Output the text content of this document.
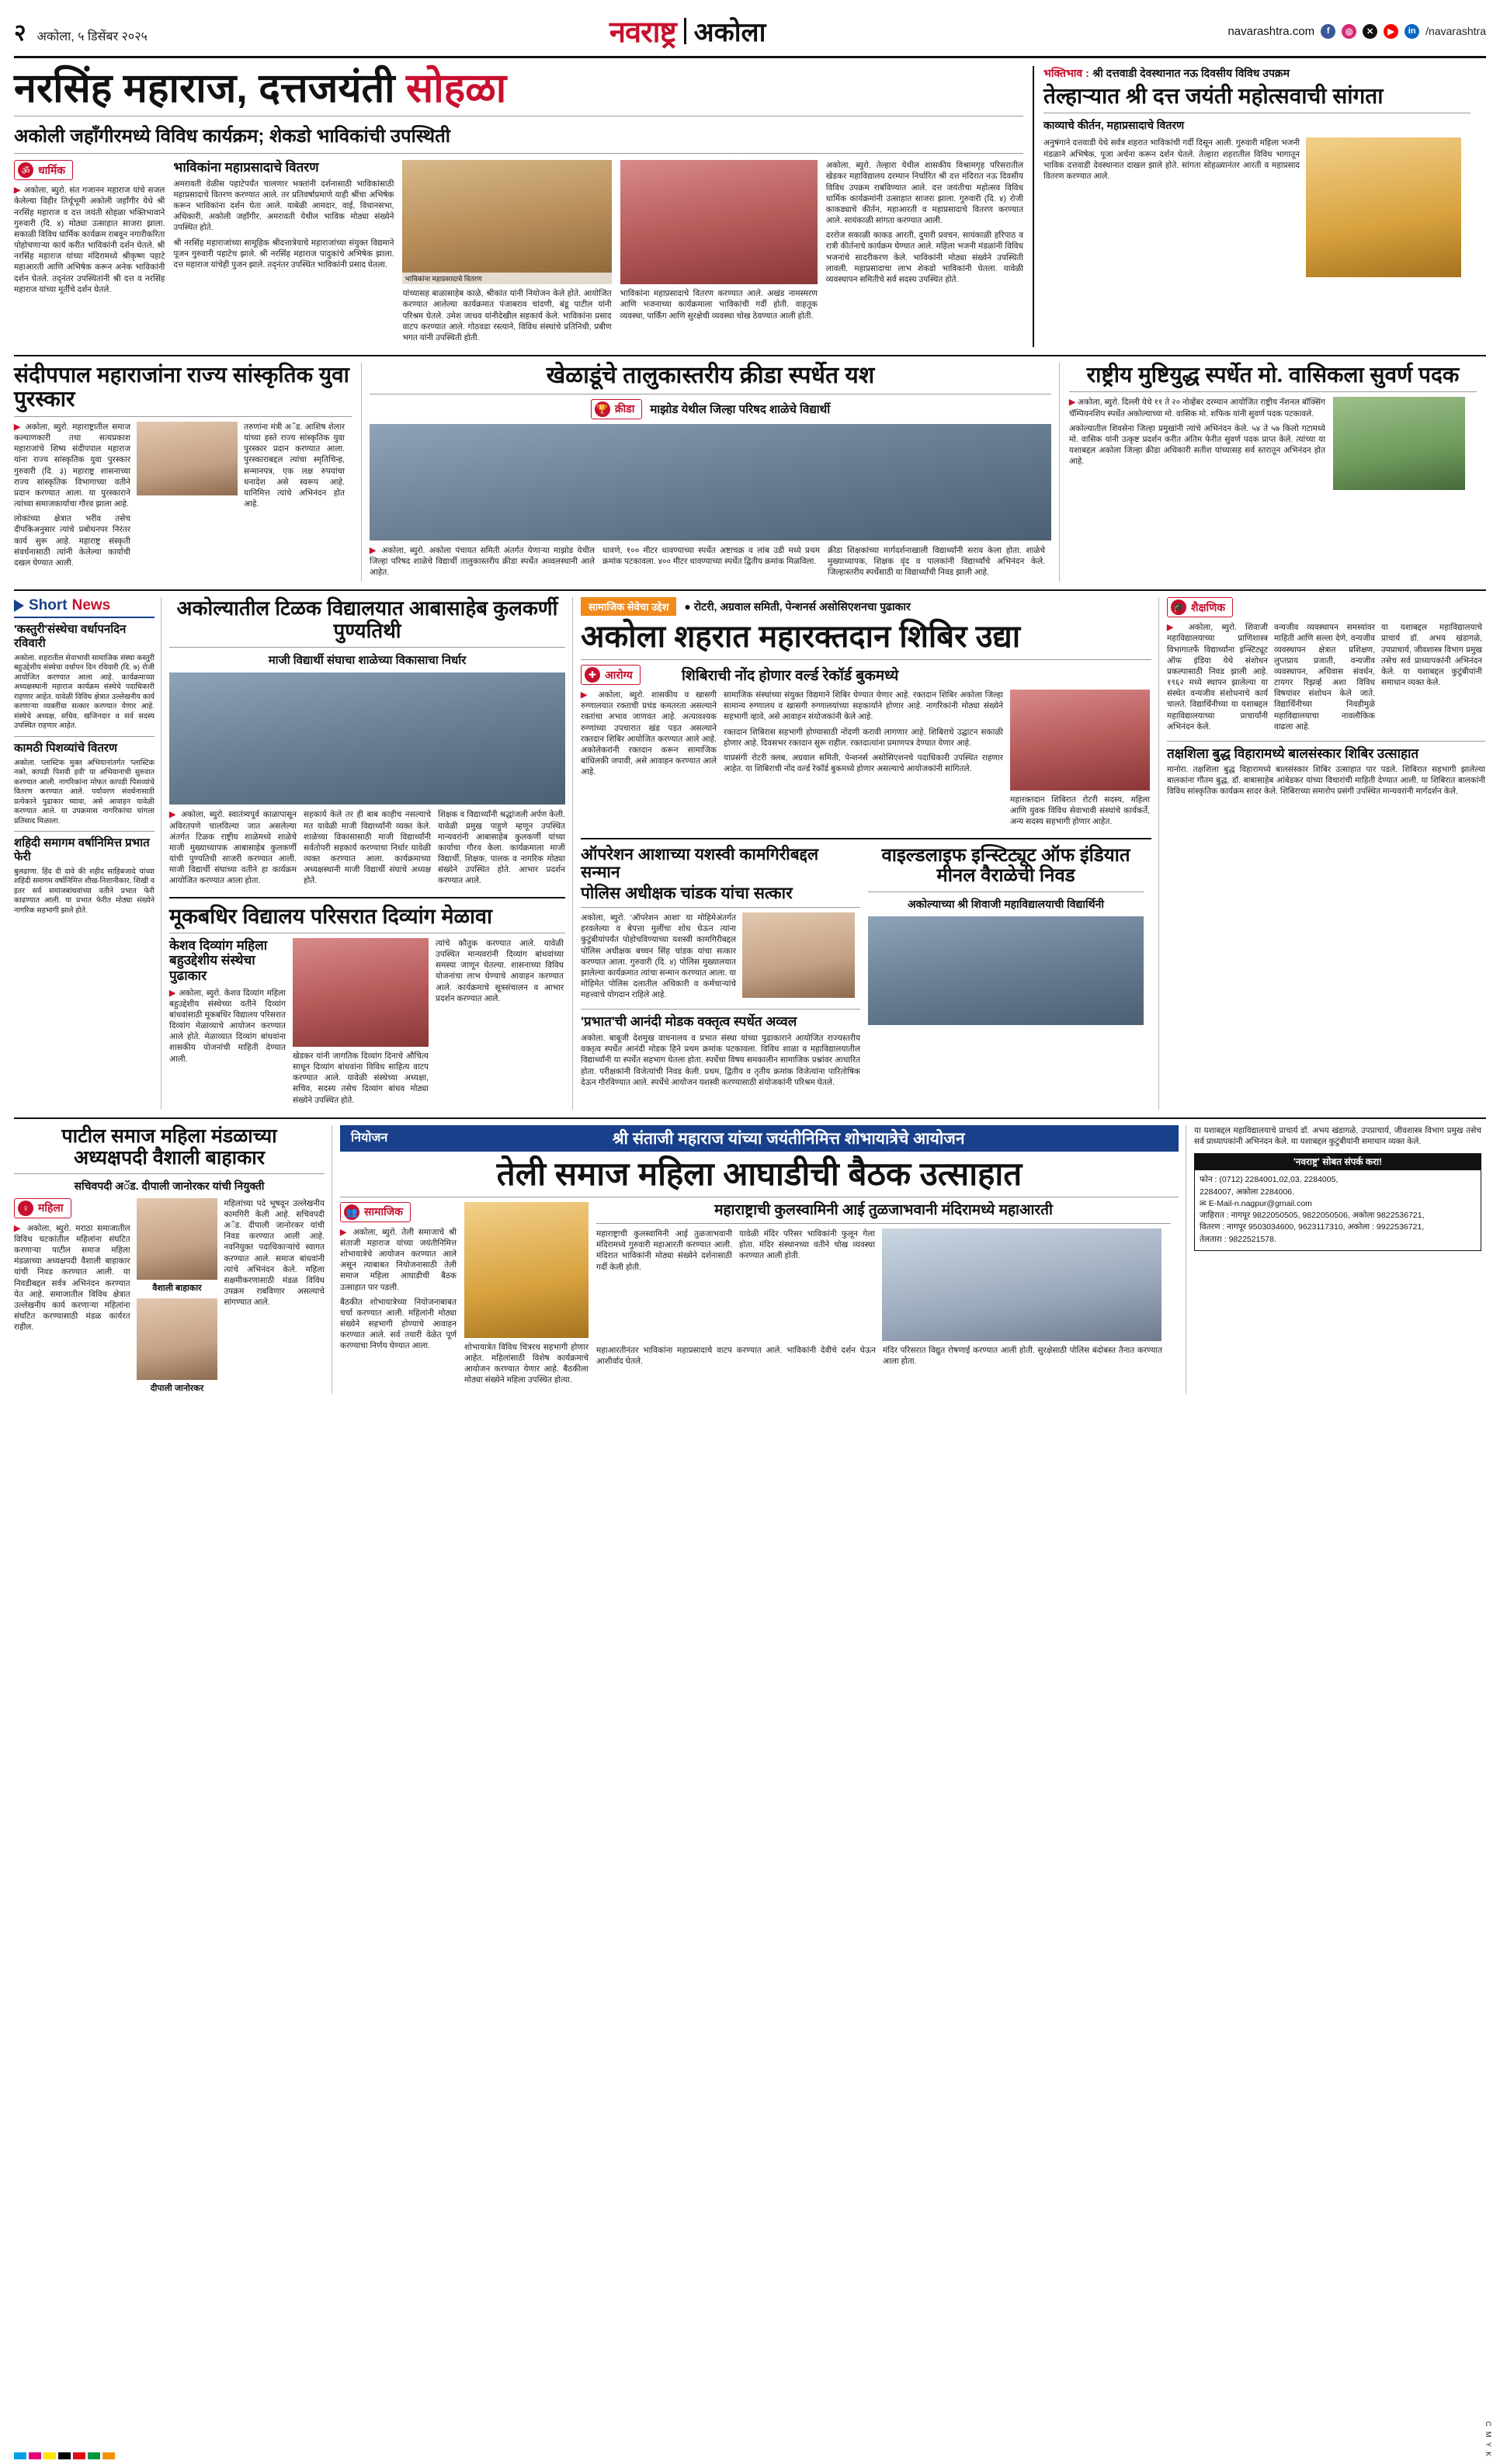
२ अकोला, ५ डिसेंबर २०२५	नवराष्ट्र अकोला	navarashtra.com	f	◎	✕	▶	in /navarashtra
नरसिंह महाराज, दत्तजयंती सोहळा
अकोली जहाँगीरमध्ये विविध कार्यक्रम; शेकडो भाविकांची उपस्थिती
ॐ धार्मिक

▶ अकोला, ब्युरो. संत गजानन महाराज यांचे सजल केलेल्या विहीर तिर्थूभूमी अकोली जहाँगीर येथे श्री नरसिंह महाराज व दत्त जयंती सोहळा भक्तिभावाने गुरुवारी (दि. ४) मोठ्या उत्साहात साजरा झाला. सकाळी विविध धार्मिक कार्यक्रम राबवून नगारीकरिता पोहोचणाऱ्या कार्य करीत भाविकांनी दर्शन घेतले. श्री नरसिंह महाराज यांच्या मंदिरामध्ये श्रीकृष्ण पहाटे महाआरती आणि अभिषेक करून अनेक भाविकांनी दर्शन घेतले. तद्नंतर उपस्थितांनी श्री दत्त व नरसिंह महाराज यांच्या मूर्तीचे दर्शन घेतले.

भाविकांना महाप्रसादाचे वितरण

अमरावती वेळीस पहाटेपर्यंत चालणार भक्तांनी दर्शनासाठी भाविकांसाठी महाप्रसादाचे वितरण करण्यात आले. तर प्रतिवर्षाप्रमाणे याही श्रींचा अभिषेक करून भाविकांना दर्शन घेता आले. याबेळी आमदार, वाई, विधानसभा, अधिकारी, अकोली जहाँगीर, अमरावती येथील भाविक मोठ्या संख्येने उपस्थित होते.

श्री नरसिंह महाराजांच्या सामूहिक श्रीदत्तात्रेयाचे महाराजांच्या संयुक्त विद्यमाने पूजन गुरुवारी पहाटेच झाले. श्री नरसिंह महाराज पादुकांचे अभिषेक झाला. दत्त महाराज यांचेही पुजन झाले. तद्नंतर उपस्थित भाविकांनी प्रसाद घेतला.

भाविकांना महाप्रसादाचे वितरण

यांच्यासह बाळासाहेब काळे, श्रीकांत यांनी नियोजन केले होते. आयोजित करण्यात आलेल्या कार्यक्रमात पंजाबराव चांदणी, बंडू पाटील यांनी परिश्रम घेतले. उमेश जाधव यांनीदेखील सहकार्य केले. भाविकांना प्रसाद वाटप करण्यात आले. गोठवडा रस्त्याने, विविध संस्थांचे प्रतिनिधी, प्रबीण भगत यांनी उपस्थिती होती.

भाविकांना महाप्रसादाचे वितरण करण्यात आले. अखंड नामस्मरण आणि भजनाच्या कार्यक्रमाला भाविकांची गर्दी होती. वाहतूक व्यवस्था, पार्किंग आणि सुरक्षेची व्यवस्था चोख ठेवण्यात आली होती.

अकोला, ब्युरो. तेल्हारा येथील शासकीय विश्रामगृह परिसरातील खेडकर महाविद्यालय दरम्यान निर्धारित श्री दत्त मंदिरात नऊ दिवसीय विविध उपक्रम राबविण्यात आले. दत्त जयंतीचा महोत्सव विविध धार्मिक कार्यक्रमांनी उत्साहात साजरा झाला. गुरुवारी (दि. ४) रोजी काकड्याचे कीर्तन, महाआरती व महाप्रसादाचे वितरण करण्यात आले. सायंकाळी सांगता करण्यात आली.

दररोज सकाळी काकड आरती, दुपारी प्रवचन, सायंकाळी हरिपाठ व रात्री कीर्तनाचे कार्यक्रम घेण्यात आले. महिला भजनी मंडळांनी विविध भजनांचे सादरीकरण केले. भाविकांनी मोठ्या संख्येने उपस्थिती लावली. महाप्रसादाचा लाभ शेकडो भाविकांनी घेतला. यावेळी व्यवस्थापन समितीचे सर्व सदस्य उपस्थित होते.

भक्तिभाव : श्री दत्तवाडी देवस्थानात नऊ दिवसीय विविध उपक्रम
तेल्हाऱ्यात श्री दत्त जयंती महोत्सवाची सांगता
काव्याचे कीर्तन, महाप्रसादाचे वितरण

अनुषंगाने दत्तवाडी येथे सर्वत्र शहरात भाविकांची गर्दी दिसून आली. गुरुवारी महिला भजनी मंडळाने अभिषेक, पूजा अर्चना करून दर्शन घेतले. तेल्हारा शहरातील विविध भागातून भाविक दत्तवाडी देवस्थानात दाखल झाले होते. सांगता सोहळ्यानंतर आरती व महाप्रसाद वितरण करण्यात आले.

संदीपपाल महाराजांना राज्य सांस्कृतिक युवा पुरस्कार

▶ अकोला, ब्युरो. महाराष्ट्रातील समाज कल्याणकारी तथा सत्यप्रकाश महाराजांचे शिष्य संदीपपाल महाराज यांना राज्य सांस्कृतिक युवा पुरस्कार गुरुवारी (दि. ३) महाराष्ट्र शासनाच्या राज्य सांस्कृतिक विभागाच्या वतीने प्रदान करण्यात आला. या पुरस्काराने त्यांच्या समाजकार्याचा गौरव झाला आहे.

लोकांच्या क्षेत्रात भरीव तसेच दीपकिअनुसार त्यांचे प्रबोधनपर निरंतर कार्य सुरू आहे. महाराष्ट्र संस्कृती संवर्धनासाठी त्यांनी केलेल्या कार्याची दखल घेण्यात आली.

तरुणांना मंत्री अॅड. आशिष शेलार यांच्या हस्ते राज्य सांस्कृतिक युवा पुरस्कार प्रदान करण्यात आला. पुरस्काराबद्दल त्यांचा स्मृतिचिन्ह, सन्मानपत्र, एक लक्ष रुपयांचा धनादेश असे स्वरूप आहे. यानिमित्त त्यांचे अभिनंदन होत आहे.

खेळाडूंचे तालुकास्तरीय क्रीडा स्पर्धेत यश
🏆 क्रीडा माझोड येथील जिल्हा परिषद शाळेचे विद्यार्थी

▶ अकोला, ब्युरो. अकोला पंचायत समिती अंतर्गत येणाऱ्या माझोड येथील जिल्हा परिषद शाळेचे विद्यार्थी तालुकास्तरीय क्रीडा स्पर्धेत अव्वलस्थानी आले आहेत.

धावणे, १०० मीटर धावण्याच्या स्पर्धेत अष्टाचक्र व लांब उडी मध्ये प्रथम क्रमांक पटकावला. ४०० मीटर धावण्याच्या स्पर्धेत द्वितीय क्रमांक मिळविला.

क्रीडा शिक्षकांच्या मार्गदर्शनाखाली विद्यार्थ्यांनी सराव केला होता. शाळेचे मुख्याध्यापक, शिक्षक वृंद व पालकांनी विद्यार्थ्यांचे अभिनंदन केले. जिल्हास्तरीय स्पर्धेसाठी या विद्यार्थ्यांची निवड झाली आहे.

राष्ट्रीय मुष्टियुद्ध स्पर्धेत मो. वासिकला सुवर्ण पदक

▶ अकोला, ब्युरो. दिल्ली येथे ११ ते २० नोव्हेंबर दरम्यान आयोजित राष्ट्रीय नॅशनल बॉक्सिंग चॅम्पियनशिप स्पर्धेत अकोल्याच्या मो. वासिक मो. शफिक यांनी सुवर्ण पदक पटकावले.

अकोल्यातील शिवसेना जिल्हा प्रमुखांनी त्यांचे अभिनंदन केले. ५४ ते ५७ किलो गटामध्ये मो. वासिक यांनी उत्कृष्ट प्रदर्शन करीत अंतिम फेरीत सुवर्ण पदक प्राप्त केले. त्यांच्या या यशाबद्दल अकोला जिल्हा क्रीडा अधिकारी सतीश यांच्यासह सर्व स्तरातून अभिनंदन होत आहे.

Short News
'कस्तुरी'संस्थेचा वर्धापनदिन रविवारी
अकोला. शहरातील सेवाभावी सामाजिक संस्था कस्तुरी बहुउद्देशीय संस्थेचा वर्धापन दिन रविवारी (दि. ७) रोजी आयोजित करण्यात आला आहे. कार्यक्रमाच्या अध्यक्षस्थानी महाराज कार्यक्रम संस्थेचे पदाधिकारी राहणार आहेत. यावेळी विविध क्षेत्रात उल्लेखनीय कार्य करणाऱ्या व्यक्तींचा सत्कार करण्यात येणार आहे. संस्थेचे अध्यक्ष, सचिव, खजिनदार व सर्व सदस्य उपस्थित राहणार आहेत.
कामठी पिशव्यांचे वितरण
अकोला. प्लास्टिक मुक्त अभियानांतर्गत 'प्लास्टिक नको, कापडी पिशवी हवी' या अभियानाची सुरुवात करण्यात आली. नागरिकांना मोफत कापडी पिशव्यांचे वितरण करण्यात आले. पर्यावरण संवर्धनासाठी प्रत्येकाने पुढाकार घ्यावा, असे आवाहन यावेळी करण्यात आले. या उपक्रमास नागरिकांचा चांगला प्रतिसाद मिळाला.
शहिदी समागम वर्षानिमित्त प्रभात फेरी
बुलढाणा. हिंद दी दावे की शहीद साहिबजादे यांच्या शहिदी समागम वर्षानिमित्त शीख-निशानीकार, शिखी व इतर सर्व समाजबांधवांच्या वतीने प्रभात फेरी काढण्यात आली. या प्रभात फेरीत मोठ्या संख्येने नागरिक सहभागी झाले होते.
अकोल्यातील टिळक विद्यालयात आबासाहेब कुलकर्णी पुण्यतिथी
माजी विद्यार्थी संघाचा शाळेच्या विकासाचा निर्धार

▶ अकोला, ब्युरो. स्वातंत्र्यपूर्व काळापासून अविरतपणे चालविल्या जात असलेल्या अंतर्गत टिळक राष्ट्रीय शाळेमध्ये शाळेचे माजी मुख्याध्यापक आबासाहेब कुलकर्णी यांची पुण्यतिथी साजरी करण्यात आली. माजी विद्यार्थी संघाच्या वतीने हा कार्यक्रम आयोजित करण्यात आला होता.

सहकार्य केले तर ही बाब काहीच नसल्याचे मत यावेळी माजी विद्यार्थ्यांनी व्यक्त केले. शाळेच्या विकासासाठी माजी विद्यार्थ्यांनी सर्वतोपरी सहकार्य करण्याचा निर्धार यावेळी व्यक्त करण्यात आला. कार्यक्रमाच्या अध्यक्षस्थानी माजी विद्यार्थी संघाचे अध्यक्ष होते.

शिक्षक व विद्यार्थ्यांनी श्रद्धांजली अर्पण केली. यावेळी प्रमुख पाहुणे म्हणून उपस्थित मान्यवरांनी आबासाहेब कुलकर्णी यांच्या कार्याचा गौरव केला. कार्यक्रमाला माजी विद्यार्थी, शिक्षक, पालक व नागरिक मोठ्या संख्येने उपस्थित होते. आभार प्रदर्शन करण्यात आले.

मूकबधिर विद्यालय परिसरात दिव्यांग मेळावा
केशव दिव्यांग महिला बहुउद्देशीय संस्थेचा पुढाकार

▶ अकोला, ब्युरो. केशव दिव्यांग महिला बहुउद्देशीय संस्थेच्या वतीने दिव्यांग बांधवांसाठी मूकबधिर विद्यालय परिसरात दिव्यांग मेळाव्याचे आयोजन करण्यात आले होते. मेळाव्यात दिव्यांग बांधवांना शासकीय योजनांची माहिती देण्यात आली.	खेडकर यांनी जागतिक दिव्यांग दिनाचे औचित्य साधून दिव्यांग बांधवांना विविध साहित्य वाटप करण्यात आले. यावेळी संस्थेच्या अध्यक्षा, सचिव, सदस्य तसेच दिव्यांग बांधव मोठ्या संख्येने उपस्थित होते.

त्यांचे कौतुक करण्यात आले. यावेळी उपस्थित मान्यवरांनी दिव्यांग बांधवांच्या समस्या जाणून घेतल्या. शासनाच्या विविध योजनांचा लाभ घेण्याचे आवाहन करण्यात आले. कार्यक्रमाचे सूत्रसंचालन व आभार प्रदर्शन करण्यात आले.

सामाजिक सेवेचा उद्देश	● रोटरी, अग्रवाल समिती, पेन्शनर्स असोसिएशनचा पुढाकार
अकोला शहरात महारक्तदान शिबिर उद्या
✚ आरोग्य	शिबिराची नोंद होणार वर्ल्ड रेकॉर्ड बुकमध्ये

▶ अकोला, ब्युरो. शासकीय व खासगी रुग्णालयात रक्ताची प्रचंड कमतरता असल्याने रक्तांचा अभाव जाणवत आहे. अत्यावश्यक रुग्णांच्या उपचारात खंड पडत असल्याने रक्तदान शिबिर आयोजित करण्यात आले आहे. अकोलेकरांनी रक्तदान करून सामाजिक बांधिलकी जपावी, असे आवाहन करण्यात आले आहे.

सामाजिक संस्थांच्या संयुक्त विद्यमाने शिबिर घेण्यात येणार आहे. रक्तदान शिबिर अकोला जिल्हा सामान्य रुग्णालय व खासगी रुग्णालयांच्या सहकार्याने होणार आहे. नागरिकांनी मोठ्या संख्येने सहभागी व्हावे, असे आवाहन संयोजकांनी केले आहे.

रक्तदान शिबिरास सहभागी होण्यासाठी नोंदणी करावी लागणार आहे. शिबिराचे उद्घाटन सकाळी होणार आहे. दिवसभर रक्तदान सुरू राहील. रक्तदात्यांना प्रमाणपत्र देण्यात येणार आहे.

याप्रसंगी रोटरी क्लब, अग्रवाल समिती, पेन्शनर्स असोसिएशनचे पदाधिकारी उपस्थित राहणार आहेत. या शिबिराची नोंद वर्ल्ड रेकॉर्ड बुकमध्ये होणार असल्याचे आयोजकांनी सांगितले.

महारक्तदान शिबिरात रोटरी सदस्य, महिला आणि युवक विविध सेवाभावी संस्थांचे कार्यकर्ते, अन्य सदस्य सहभागी होणार आहेत.

ऑपरेशन आशाच्या यशस्वी कामगिरीबद्दल सन्मान
पोलिस अधीक्षक चांडक यांचा सत्कार

अकोला, ब्युरो. 'ऑपरेशन आशा' या मोहिमेअंतर्गत हरवलेल्या व बेपत्ता मुलींचा शोध घेऊन त्यांना कुटुंबीयांपर्यंत पोहोचविण्याच्या यशस्वी कामगिरीबद्दल पोलिस अधीक्षक बच्चन सिंह चांडक यांचा सत्कार करण्यात आला. गुरुवारी (दि. ४) पोलिस मुख्यालयात झालेल्या कार्यक्रमात त्यांचा सन्मान करण्यात आला. या मोहिमेत पोलिस दलातील अधिकारी व कर्मचाऱ्यांचे महत्त्वाचे योगदान राहिले आहे.

'प्रभात'ची आनंदी मोडक वक्तृत्व स्पर्धेत अव्वल

अकोला. बाबूजी देशमुख वाचनालय व प्रभात संस्था यांच्या पुढाकाराने आयोजित राज्यस्तरीय वक्तृत्व स्पर्धेत आनंदी मोडक हिने प्रथम क्रमांक पटकावला. विविध शाळा व महाविद्यालयातील विद्यार्थ्यांनी या स्पर्धेत सहभाग घेतला होता. स्पर्धेचा विषय समकालीन सामाजिक प्रश्नांवर आधारित होता. परीक्षकांनी विजेत्यांची निवड केली. प्रथम, द्वितीय व तृतीय क्रमांक विजेत्यांना पारितोषिक देऊन गौरविण्यात आले. स्पर्धेचे आयोजन यशस्वी करण्यासाठी संयोजकांनी परिश्रम घेतले.

वाइल्डलाइफ इन्स्टिट्यूट ऑफ इंडियात मीनल वैराळेची निवड
अकोल्याच्या श्री शिवाजी महाविद्यालयाची विद्यार्थिनी
🎓 शैक्षणिक

▶ अकोला, ब्युरो. शिवाजी महाविद्यालयाच्या प्राणिशास्त्र विभागातर्फे विद्यार्थ्यांना इन्स्टिट्यूट ऑफ इंडिया येथे संशोधन प्रकल्पासाठी निवड झाली आहे. १९६२ मध्ये स्थापन झालेल्या या संस्थेत वन्यजीव संशोधनाचे कार्य चालते. विद्यार्थिनीच्या या यशाबद्दल महाविद्यालयाच्या प्राचार्यांनी अभिनंदन केले.

वन्यजीव व्यवस्थापन समस्यांवर माहिती आणि सल्ला देणे, वन्यजीव व्यवस्थापन क्षेत्रात प्रशिक्षण, लुप्तप्राय प्रजाती, वन्यजीव व्यवस्थापन, अधिवास संवर्धन, टायगर रिझर्व्ह अशा विविध विषयांवर संशोधन केले जाते. विद्यार्थिनीच्या निवडीमुळे महाविद्यालयाचा नावलौकिक वाढला आहे.

या यशाबद्दल महाविद्यालयाचे प्राचार्य डॉ. अभय खंडागळे, उपप्राचार्य, जीवशास्त्र विभाग प्रमुख तसेच सर्व प्राध्यापकांनी अभिनंदन केले. या यशाबद्दल कुटुंबीयांनी समाधान व्यक्त केले.

तक्षशिला बुद्ध विहारामध्ये बालसंस्कार शिबिर उत्साहात

मानोरा. तक्षशिला बुद्ध विहारामध्ये बालसंस्कार शिबिर उत्साहात पार पडले. शिबिरात सहभागी झालेल्या बालकांना गौतम बुद्ध, डॉ. बाबासाहेब आंबेडकर यांच्या विचारांची माहिती देण्यात आली. या शिबिरात बालकांनी विविध सांस्कृतिक कार्यक्रम सादर केले. शिबिराच्या समारोप प्रसंगी उपस्थित मान्यवरांनी मार्गदर्शन केले.

पाटील समाज महिला मंडळाच्या
अध्यक्षपदी वैशाली बाहाकार
सचिवपदी अॅड. दीपाली जानोरकर यांची नियुक्ती
♀ महिला

▶ अकोला, ब्युरो. मराठा समाजातील विविध घटकांतील महिलांना संघटित करणाऱ्या पाटील समाज महिला मंडळाच्या अध्यक्षपदी वैशाली बाहाकार यांची निवड करण्यात आली. या निवडीबद्दल सर्वत्र अभिनंदन करण्यात येत आहे. समाजातील विविध क्षेत्रात उल्लेखनीय कार्य करणाऱ्या महिलांना संघटित करण्यासाठी मंडळ कार्यरत राहील.

वैशाली बाहाकार
दीपाली जानोरकर

महिलांच्या पदे भूषवून उल्लेखनीय कामगिरी केली आहे. सचिवपदी अॅड. दीपाली जानोरकर यांची निवड करण्यात आली आहे. नवनियुक्त पदाधिकाऱ्यांचे स्वागत करण्यात आले. समाज बांधवांनी त्यांचे अभिनंदन केले. महिला सक्षमीकरणासाठी मंडळ विविध उपक्रम राबविणार असल्याचे सांगण्यात आले.

नियोजन	श्री संताजी महाराज यांच्या जयंतीनिमित्त शोभायात्रेचे आयोजन
तेली समाज महिला आघाडीची बैठक उत्साहात
👥 सामाजिक

▶ अकोला, ब्युरो. तेली समाजाचे श्री संताजी महाराज यांच्या जयंतीनिमित्त शोभायात्रेचे आयोजन करण्यात आले असून त्याबाबत नियोजनासाठी तेली समाज महिला आघाडीची बैठक उत्साहात पार पडली.

बैठकीत शोभायात्रेच्या नियोजनाबाबत चर्चा करण्यात आली. महिलांनी मोठ्या संख्येने सहभागी होण्याचे आवाहन करण्यात आले. सर्व तयारी वेळेत पूर्ण करण्याचा निर्णय घेण्यात आला.	शोभायात्रेत विविध चित्ररथ सहभागी होणार आहेत. महिलांसाठी विशेष कार्यक्रमाचे आयोजन करण्यात येणार आहे. बैठकीला मोठ्या संख्येने महिला उपस्थित होत्या.

महाराष्ट्राची कुलस्वामिनी आई तुळजाभवानी मंदिरामध्ये महाआरती

महाराष्ट्राची कुलस्वामिनी आई तुळजाभवानी मंदिरामध्ये गुरुवारी महाआरती करण्यात आली. मंदिरात भाविकांनी मोठ्या संख्येने दर्शनासाठी गर्दी केली होती.

यावेळी मंदिर परिसर भाविकांनी फुलून गेला होता. मंदिर संस्थानच्या वतीने चोख व्यवस्था करण्यात आली होती.

महाआरतीनंतर भाविकांना महाप्रसादाचे वाटप करण्यात आले. भाविकांनी देवीचे दर्शन घेऊन आशीर्वाद घेतले.

मंदिर परिसरात विद्युत रोषणाई करण्यात आली होती. सुरक्षेसाठी पोलिस बंदोबस्त तैनात करण्यात आला होता.

या यशाबद्दल महाविद्यालयाचे प्राचार्य डॉ. अभय खंडागळे, उपप्राचार्य, जीवशास्त्र विभाग प्रमुख तसेच सर्व प्राध्यापकांनी अभिनंदन केले. या यशाबद्दल कुटुंबीयांनी समाधान व्यक्त केले.

'नवराष्ट्र' सोबत संपर्क करा!
फोन : (0712) 2284001,02,03, 2284005,
2284007, अकोला 2284006.
✉ E-Mail-n.nagpur@gmail.com
जाहिरात : नागपूर 9822050505, 9822050506, अकोला 9822536721,
वितरण : नागपूर 9503034600, 9623117310, अकोला : 9922536721,
तेलतारा : 9822521578.
C M Y K
